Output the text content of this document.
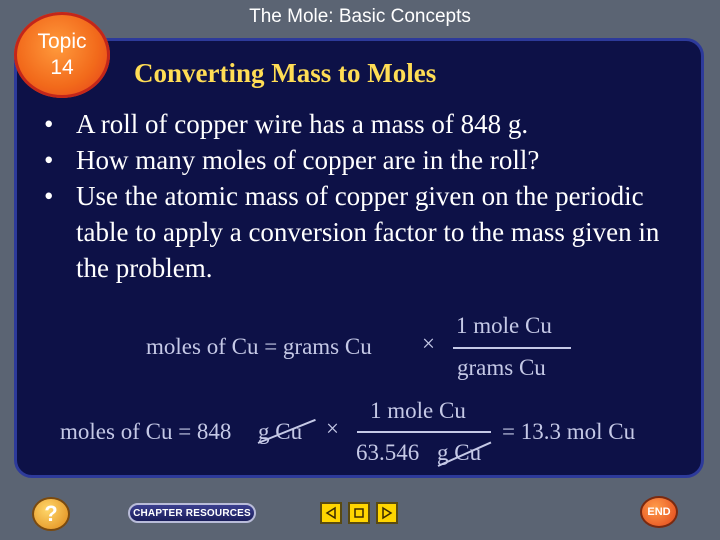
The Mole: Basic Concepts
Topic
14 Converting Mass to Moles
• A roll of copper wire has a mass of 848 g.
• How many moles of copper are in the roll?
• Use the atomic mass of copper given on the periodic table to apply a conversion factor to the mass given in the problem.
moles of Cu = grams Cu ×
1 mole Cu
grams Cu
moles of Cu = 848 g Cu ×
1 mole Cu
63.546 g Cu
= 13.3 mol Cu
?	CHAPTER RESOURCES	END
